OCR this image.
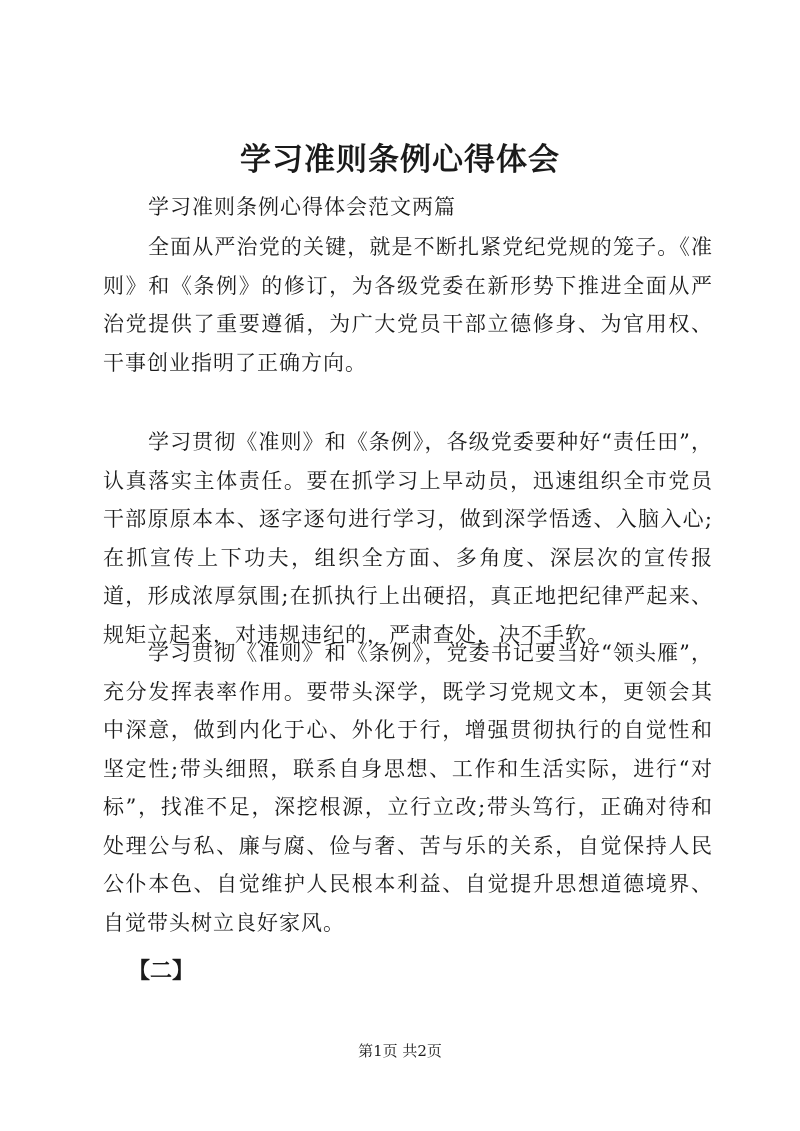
学习准则条例心得体会
学习准则条例心得体会范文两篇

全面从严治党的关键，就是不断扎紧党纪党规的笼子。《准则》和《条例》的修订，为各级党委在新形势下推进全面从严治党提供了重要遵循，为广大党员干部立德修身、为官用权、干事创业指明了正确方向。

学习贯彻《准则》和《条例》，各级党委要种好“责任田”，认真落实主体责任。要在抓学习上早动员，迅速组织全市党员干部原原本本、逐字逐句进行学习，做到深学悟透、入脑入心;在抓宣传上下功夫，组织全方面、多角度、深层次的宣传报道，形成浓厚氛围;在抓执行上出硬招，真正地把纪律严起来、规矩立起来，对违规违纪的，严肃查处，决不手软。

学习贯彻《准则》和《条例》，党委书记要当好“领头雁”，充分发挥表率作用。要带头深学，既学习党规文本，更领会其中深意，做到内化于心、外化于行，增强贯彻执行的自觉性和坚定性;带头细照，联系自身思想、工作和生活实际，进行“对标”，找准不足，深挖根源，立行立改;带头笃行，正确对待和处理公与私、廉与腐、俭与奢、苦与乐的关系，自觉保持人民公仆本色、自觉维护人民根本利益、自觉提升思想道德境界、自觉带头树立良好家风。

【二】
第1页 共2页
